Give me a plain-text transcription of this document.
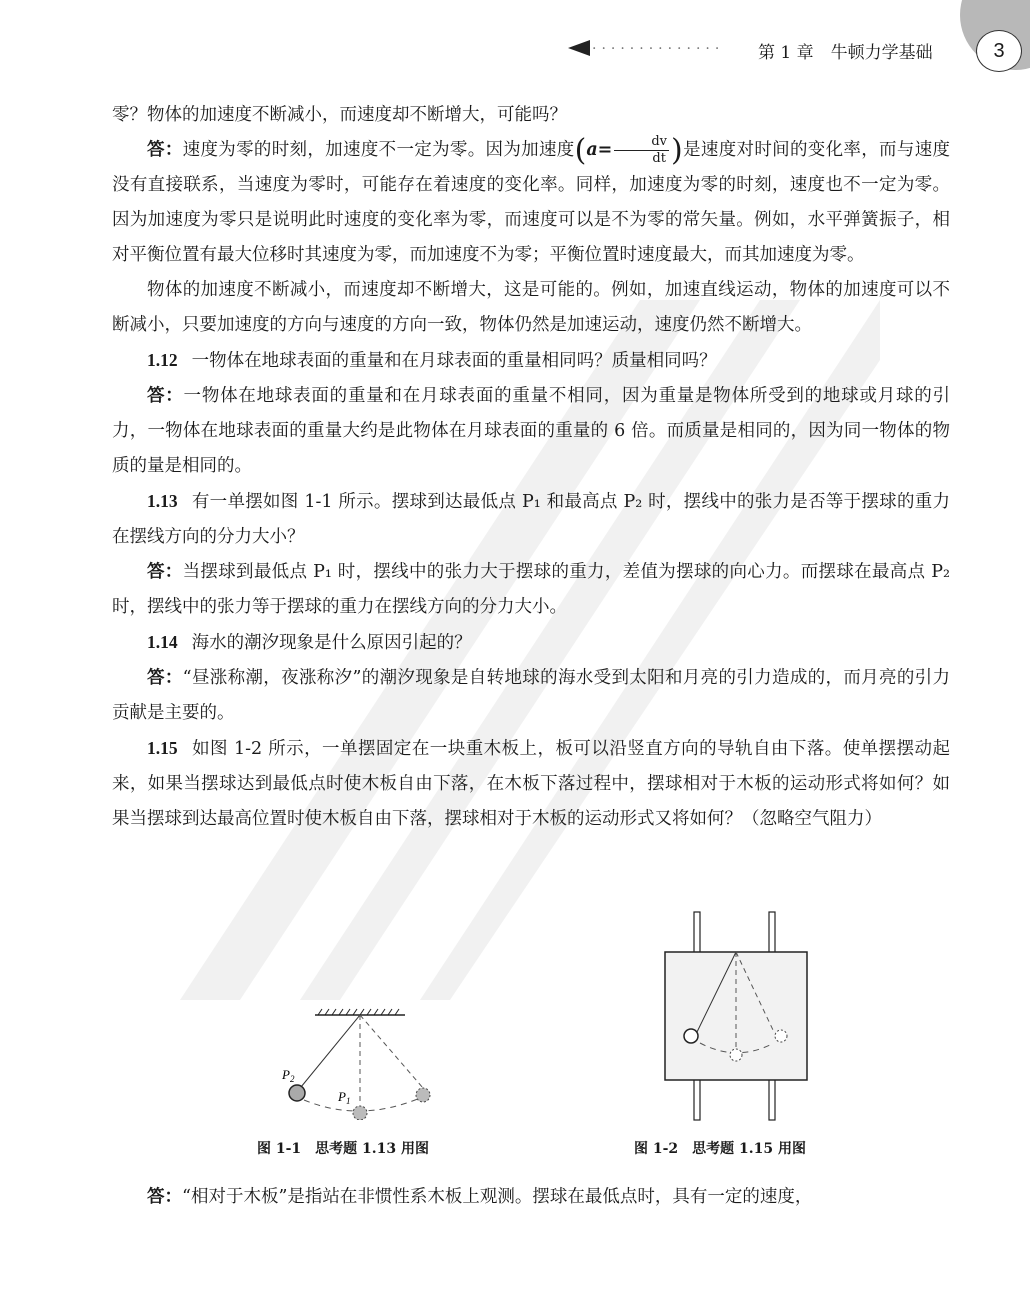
·············· 第 1 章　牛顿力学基础	3

零？物体的加速度不断减小，而速度却不断增大，可能吗？

答：速度为零的时刻，加速度不一定为零。因为加速度($a= \frac{dv}{dt}$ )是速度对时间的变化率，而与速度没有直接联系，当速度为零时，可能存在着速度的变化率。同样，加速度为零的时刻，速度也不一定为零。因为加速度为零只是说明此时速度的变化率为零，而速度可以是不为零的常矢量。例如，水平弹簧振子，相对平衡位置有最大位移时其速度为零，而加速度不为零；平衡位置时速度最大，而其加速度为零。

物体的加速度不断减小，而速度却不断增大，这是可能的。例如，加速直线运动，物体的加速度可以不断减小，只要加速度的方向与速度的方向一致，物体仍然是加速运动，速度仍然不断增大。

1.12 一物体在地球表面的重量和在月球表面的重量相同吗？质量相同吗？

答：一物体在地球表面的重量和在月球表面的重量不相同，因为重量是物体所受到的地球或月球的引力，一物体在地球表面的重量大约是此物体在月球表面的重量的 6 倍。而质量是相同的，因为同一物体的物质的量是相同的。

1.13 有一单摆如图 1-1 所示。摆球到达最低点 P₁ 和最高点 P₂ 时，摆线中的张力是否等于摆球的重力在摆线方向的分力大小？

答：当摆球到最低点 P₁ 时，摆线中的张力大于摆球的重力，差值为摆球的向心力。而摆球在最高点 P₂ 时，摆线中的张力等于摆球的重力在摆线方向的分力大小。

1.14 海水的潮汐现象是什么原因引起的？

答：“昼涨称潮，夜涨称汐”的潮汐现象是自转地球的海水受到太阳和月亮的引力造成的，而月亮的引力贡献是主要的。

1.15 如图 1-2 所示，一单摆固定在一块重木板上，板可以沿竖直方向的导轨自由下落。使单摆摆动起来，如果当摆球达到最低点时使木板自由下落，在木板下落过程中，摆球相对于木板的运动形式将如何？如果当摆球到达最高位置时使木板自由下落，摆球相对于木板的运动形式又将如何？（忽略空气阻力）

$P_2$
$P_1$
图 1-1　思考题 1.13 用图	图 1-2　思考题 1.15 用图

答：“相对于木板”是指站在非惯性系木板上观测。摆球在最低点时，具有一定的速度，
